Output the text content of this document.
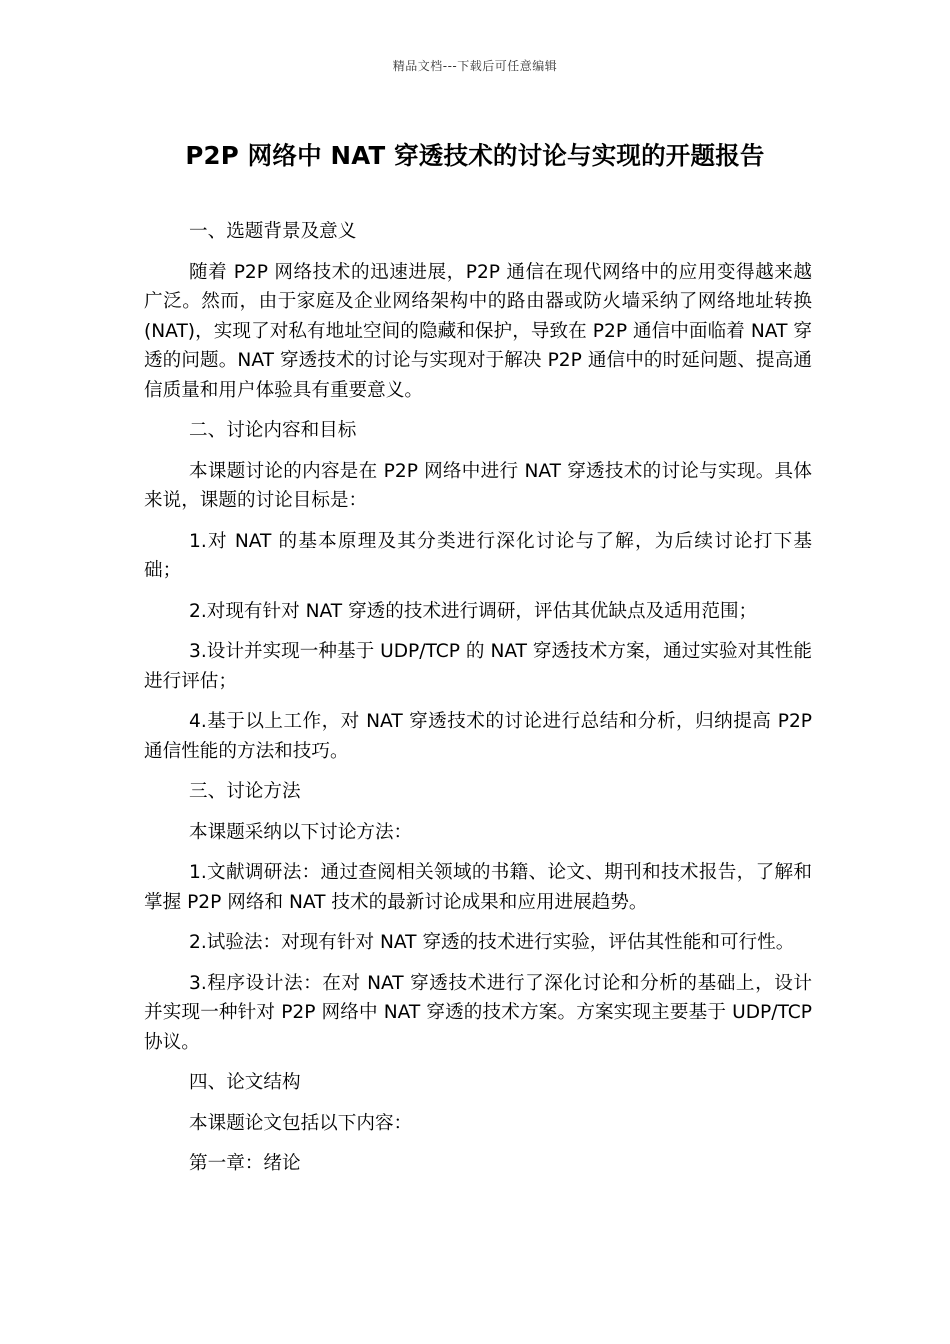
精品文档---下载后可任意编辑
P2P 网络中 NAT 穿透技术的讨论与实现的开题报告

一、选题背景及意义

随着 P2P 网络技术的迅速进展，P2P 通信在现代网络中的应用变得越来越广泛。然而，由于家庭及企业网络架构中的路由器或防火墙采纳了网络地址转换(NAT)，实现了对私有地址空间的隐藏和保护，导致在 P2P 通信中面临着 NAT 穿透的问题。NAT 穿透技术的讨论与实现对于解决 P2P 通信中的时延问题、提高通信质量和用户体验具有重要意义。

二、讨论内容和目标

本课题讨论的内容是在 P2P 网络中进行 NAT 穿透技术的讨论与实现。具体来说，课题的讨论目标是：

1.对 NAT 的基本原理及其分类进行深化讨论与了解，为后续讨论打下基础；

2.对现有针对 NAT 穿透的技术进行调研，评估其优缺点及适用范围；

3.设计并实现一种基于 UDP/TCP 的 NAT 穿透技术方案，通过实验对其性能进行评估；

4.基于以上工作，对 NAT 穿透技术的讨论进行总结和分析，归纳提高 P2P 通信性能的方法和技巧。

三、讨论方法

本课题采纳以下讨论方法：

1.文献调研法：通过查阅相关领域的书籍、论文、期刊和技术报告，了解和掌握 P2P 网络和 NAT 技术的最新讨论成果和应用进展趋势。

2.试验法：对现有针对 NAT 穿透的技术进行实验，评估其性能和可行性。

3.程序设计法：在对 NAT 穿透技术进行了深化讨论和分析的基础上，设计并实现一种针对 P2P 网络中 NAT 穿透的技术方案。方案实现主要基于 UDP/TCP 协议。

四、论文结构

本课题论文包括以下内容：

第一章：绪论
